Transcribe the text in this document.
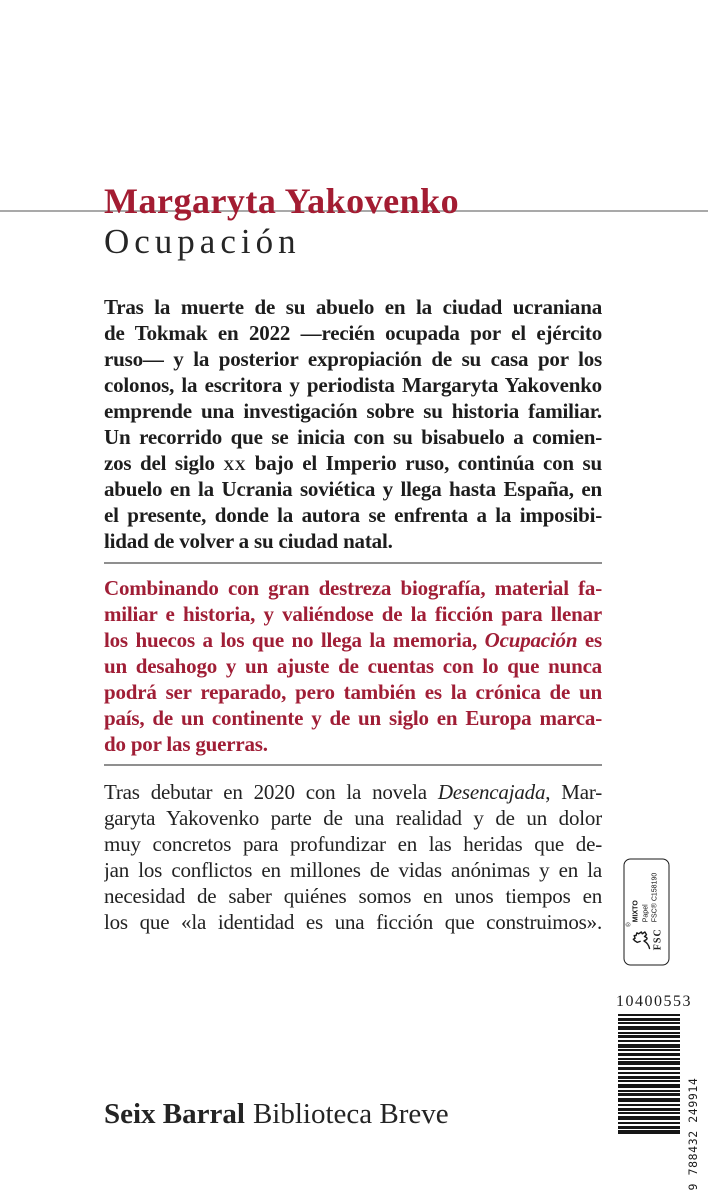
Margaryta Yakovenko
Ocupación
Tras la muerte de su abuelo en la ciudad ucraniana
de Tokmak en 2022 —recién ocupada por el ejército
ruso— y la posterior expropiación de su casa por los
colonos, la escritora y periodista Margaryta Yakovenko
emprende una investigación sobre su historia familiar.
Un recorrido que se inicia con su bisabuelo a comien-
zos del siglo xx bajo el Imperio ruso, continúa con su
abuelo en la Ucrania soviética y llega hasta España, en
el presente, donde la autora se enfrenta a la imposibi-
lidad de volver a su ciudad natal.
Combinando con gran destreza biografía, material fa-
miliar e historia, y valiéndose de la ficción para llenar
los huecos a los que no llega la memoria, Ocupación es
un desahogo y un ajuste de cuentas con lo que nunca
podrá ser reparado, pero también es la crónica de un
país, de un continente y de un siglo en Europa marca-
do por las guerras.
Tras debutar en 2020 con la novela Desencajada, Mar-
garyta Yakovenko parte de una realidad y de un dolor
muy concretos para profundizar en las heridas que de-
jan los conflictos en millones de vidas anónimas y en la
necesidad de saber quiénes somos en unos tiempos en
los que «la identidad es una ficción que construimos».	®
FSC
MIXTO Papel FSC® C158190
10400553
9 788432 249914
Seix Barral Biblioteca Breve
